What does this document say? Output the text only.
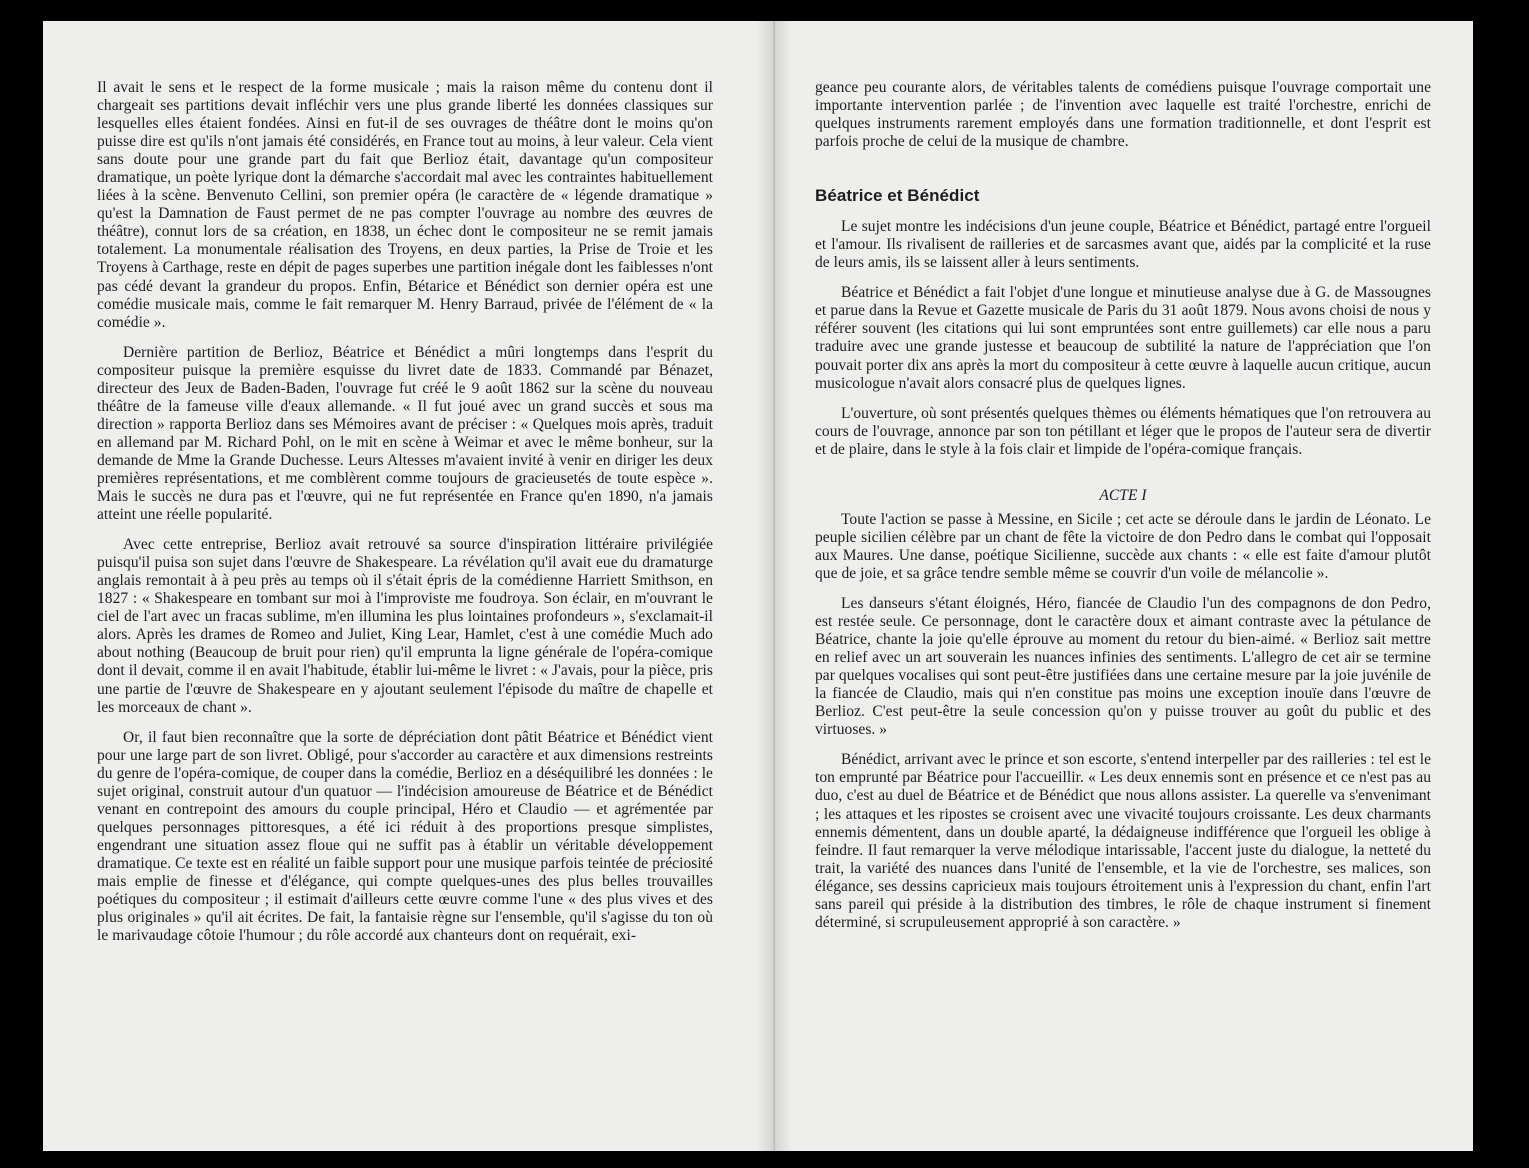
Il avait le sens et le respect de la forme musicale ; mais la raison même du contenu dont il chargeait ses partitions devait infléchir vers une plus grande liberté les données classiques sur lesquelles elles étaient fondées. Ainsi en fut-il de ses ouvrages de théâtre dont le moins qu'on puisse dire est qu'ils n'ont jamais été considérés, en France tout au moins, à leur valeur. Cela vient sans doute pour une grande part du fait que Berlioz était, davantage qu'un compositeur dramatique, un poète lyrique dont la démarche s'accordait mal avec les contraintes habituellement liées à la scène. Benvenuto Cellini, son premier opéra (le caractère de « légende dramatique » qu'est la Damnation de Faust permet de ne pas compter l'ouvrage au nombre des œuvres de théâtre), connut lors de sa création, en 1838, un échec dont le compositeur ne se remit jamais totalement. La monumentale réalisation des Troyens, en deux parties, la Prise de Troie et les Troyens à Carthage, reste en dépit de pages superbes une partition inégale dont les faiblesses n'ont pas cédé devant la grandeur du propos. Enfin, Bétarice et Bénédict son dernier opéra est une comédie musicale mais, comme le fait remarquer M. Henry Barraud, privée de l'élément de « la comédie ».

Dernière partition de Berlioz, Béatrice et Bénédict a mûri longtemps dans l'esprit du compositeur puisque la première esquisse du livret date de 1833. Commandé par Bénazet, directeur des Jeux de Baden-Baden, l'ouvrage fut créé le 9 août 1862 sur la scène du nouveau théâtre de la fameuse ville d'eaux allemande. « Il fut joué avec un grand succès et sous ma direction » rapporta Berlioz dans ses Mémoires avant de préciser : « Quelques mois après, traduit en allemand par M. Richard Pohl, on le mit en scène à Weimar et avec le même bonheur, sur la demande de Mme la Grande Duchesse. Leurs Altesses m'avaient invité à venir en diriger les deux premières représentations, et me comblèrent comme toujours de gracieusetés de toute espèce ». Mais le succès ne dura pas et l'œuvre, qui ne fut représentée en France qu'en 1890, n'a jamais atteint une réelle popularité.

Avec cette entreprise, Berlioz avait retrouvé sa source d'inspiration littéraire privilégiée puisqu'il puisa son sujet dans l'œuvre de Shakespeare. La révélation qu'il avait eue du dramaturge anglais remontait à à peu près au temps où il s'était épris de la comédienne Harriett Smithson, en 1827 : « Shakespeare en tombant sur moi à l'improviste me foudroya. Son éclair, en m'ouvrant le ciel de l'art avec un fracas sublime, m'en illumina les plus lointaines profondeurs », s'exclamait-il alors. Après les drames de Romeo and Juliet, King Lear, Hamlet, c'est à une comédie Much ado about nothing (Beaucoup de bruit pour rien) qu'il emprunta la ligne générale de l'opéra-comique dont il devait, comme il en avait l'habitude, établir lui-même le livret : « J'avais, pour la pièce, pris une partie de l'œuvre de Shakespeare en y ajoutant seulement l'épisode du maître de chapelle et les morceaux de chant ».

Or, il faut bien reconnaître que la sorte de dépréciation dont pâtit Béatrice et Bénédict vient pour une large part de son livret. Obligé, pour s'accorder au caractère et aux dimensions restreints du genre de l'opéra-comique, de couper dans la comédie, Berlioz en a déséquilibré les données : le sujet original, construit autour d'un quatuor — l'indécision amoureuse de Béatrice et de Bénédict venant en contrepoint des amours du couple principal, Héro et Claudio — et agrémentée par quelques personnages pittoresques, a été ici réduit à des proportions presque simplistes, engendrant une situation assez floue qui ne suffit pas à établir un véritable développement dramatique. Ce texte est en réalité un faible support pour une musique parfois teintée de préciosité mais emplie de finesse et d'élégance, qui compte quelques-unes des plus belles trouvailles poétiques du compositeur ; il estimait d'ailleurs cette œuvre comme l'une « des plus vives et des plus originales » qu'il ait écrites. De fait, la fantaisie règne sur l'ensemble, qu'il s'agisse du ton où le marivaudage côtoie l'humour ; du rôle accordé aux chanteurs dont on requérait, exi-

geance peu courante alors, de véritables talents de comédiens puisque l'ouvrage comportait une importante intervention parlée ; de l'invention avec laquelle est traité l'orchestre, enrichi de quelques instruments rarement employés dans une formation traditionnelle, et dont l'esprit est parfois proche de celui de la musique de chambre.

Béatrice et Bénédict

Le sujet montre les indécisions d'un jeune couple, Béatrice et Bénédict, partagé entre l'orgueil et l'amour. Ils rivalisent de railleries et de sarcasmes avant que, aidés par la complicité et la ruse de leurs amis, ils se laissent aller à leurs sentiments.

Béatrice et Bénédict a fait l'objet d'une longue et minutieuse analyse due à G. de Massougnes et parue dans la Revue et Gazette musicale de Paris du 31 août 1879. Nous avons choisi de nous y référer souvent (les citations qui lui sont empruntées sont entre guillemets) car elle nous a paru traduire avec une grande justesse et beaucoup de subtilité la nature de l'appréciation que l'on pouvait porter dix ans après la mort du compositeur à cette œuvre à laquelle aucun critique, aucun musicologue n'avait alors consacré plus de quelques lignes.

L'ouverture, où sont présentés quelques thèmes ou éléments hématiques que l'on retrouvera au cours de l'ouvrage, annonce par son ton pétillant et léger que le propos de l'auteur sera de divertir et de plaire, dans le style à la fois clair et limpide de l'opéra-comique français.

ACTE I

Toute l'action se passe à Messine, en Sicile ; cet acte se déroule dans le jardin de Léonato. Le peuple sicilien célèbre par un chant de fête la victoire de don Pedro dans le combat qui l'opposait aux Maures. Une danse, poétique Sicilienne, succède aux chants : « elle est faite d'amour plutôt que de joie, et sa grâce tendre semble même se couvrir d'un voile de mélancolie ».

Les danseurs s'étant éloignés, Héro, fiancée de Claudio l'un des compagnons de don Pedro, est restée seule. Ce personnage, dont le caractère doux et aimant contraste avec la pétulance de Béatrice, chante la joie qu'elle éprouve au moment du retour du bien-aimé. « Berlioz sait mettre en relief avec un art souverain les nuances infinies des sentiments. L'allegro de cet air se termine par quelques vocalises qui sont peut-être justifiées dans une certaine mesure par la joie juvénile de la fiancée de Claudio, mais qui n'en constitue pas moins une exception inouïe dans l'œuvre de Berlioz. C'est peut-être la seule concession qu'on y puisse trouver au goût du public et des virtuoses. »

Bénédict, arrivant avec le prince et son escorte, s'entend interpeller par des railleries : tel est le ton emprunté par Béatrice pour l'accueillir. « Les deux ennemis sont en présence et ce n'est pas au duo, c'est au duel de Béatrice et de Bénédict que nous allons assister. La querelle va s'envenimant ; les attaques et les ripostes se croisent avec une vivacité toujours croissante. Les deux charmants ennemis démentent, dans un double aparté, la dédaigneuse indifférence que l'orgueil les oblige à feindre. Il faut remarquer la verve mélodique intarissable, l'accent juste du dialogue, la netteté du trait, la variété des nuances dans l'unité de l'ensemble, et la vie de l'orchestre, ses malices, son élégance, ses dessins capricieux mais toujours étroitement unis à l'expression du chant, enfin l'art sans pareil qui préside à la distribution des timbres, le rôle de chaque instrument si finement déterminé, si scrupuleusement approprié à son caractère. »
